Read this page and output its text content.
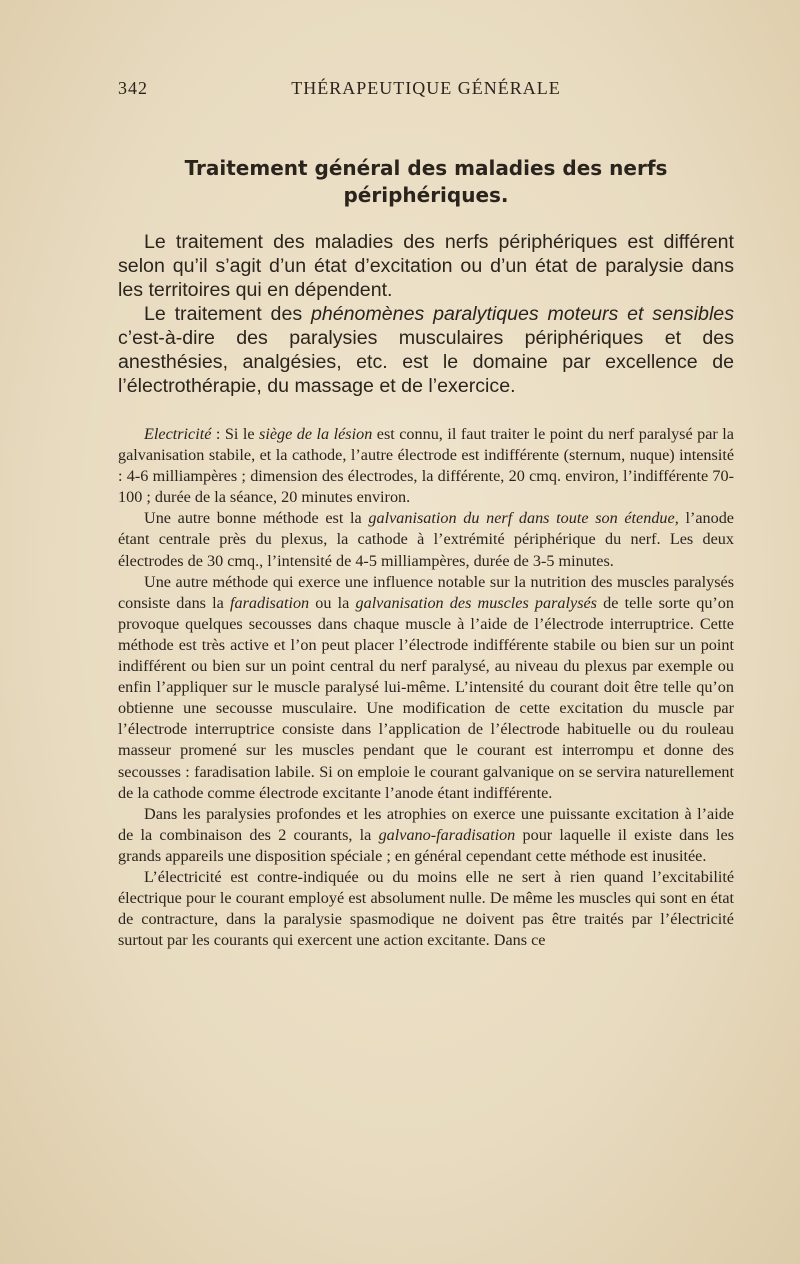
342	THÉRAPEUTIQUE GÉNÉRALE
Traitement général des maladies des nerfs
périphériques.

Le traitement des maladies des nerfs périphériques est différent selon qu’il s’agit d’un état d’excitation ou d’un état de paralysie dans les territoires qui en dépendent.

Le traitement des phénomènes paralytiques moteurs et sensibles c’est-à-dire des paralysies musculaires périphériques et des anesthésies, analgésies, etc. est le domaine par excellence de l’électrothérapie, du massage et de l’exercice.

Electricité : Si le siège de la lésion est connu, il faut traiter le point du nerf paralysé par la galvanisation stabile, et la cathode, l’autre électrode est indifférente (sternum, nuque) intensité : 4-6 milliampères ; dimension des électrodes, la différente, 20 cmq. environ, l’indifférente 70-100 ; durée de la séance, 20 minutes environ.

Une autre bonne méthode est la galvanisation du nerf dans toute son étendue, l’anode étant centrale près du plexus, la cathode à l’extrémité périphérique du nerf. Les deux électrodes de 30 cmq., l’intensité de 4-5 milliampères, durée de 3-5 minutes.

Une autre méthode qui exerce une influence notable sur la nutrition des muscles paralysés consiste dans la faradisation ou la galvanisation des muscles paralysés de telle sorte qu’on provoque quelques secousses dans chaque muscle à l’aide de l’électrode interruptrice. Cette méthode est très active et l’on peut placer l’électrode indifférente stabile ou bien sur un point indifférent ou bien sur un point central du nerf paralysé, au niveau du plexus par exemple ou enfin l’appliquer sur le muscle paralysé lui-même. L’intensité du courant doit être telle qu’on obtienne une secousse musculaire. Une modification de cette excitation du muscle par l’électrode interruptrice consiste dans l’application de l’électrode habituelle ou du rouleau masseur promené sur les muscles pendant que le courant est interrompu et donne des secousses : faradisation labile. Si on emploie le courant galvanique on se servira naturellement de la cathode comme électrode excitante l’anode étant indifférente.

Dans les paralysies profondes et les atrophies on exerce une puissante excitation à l’aide de la combinaison des 2 courants, la galvano-faradisation pour laquelle il existe dans les grands appareils une disposition spéciale ; en général cependant cette méthode est inusitée.

L’électricité est contre-indiquée ou du moins elle ne sert à rien quand l’excitabilité électrique pour le courant employé est absolument nulle. De même les muscles qui sont en état de contracture, dans la paralysie spasmodique ne doivent pas être traités par l’électricité surtout par les courants qui exercent une action excitante. Dans ce
